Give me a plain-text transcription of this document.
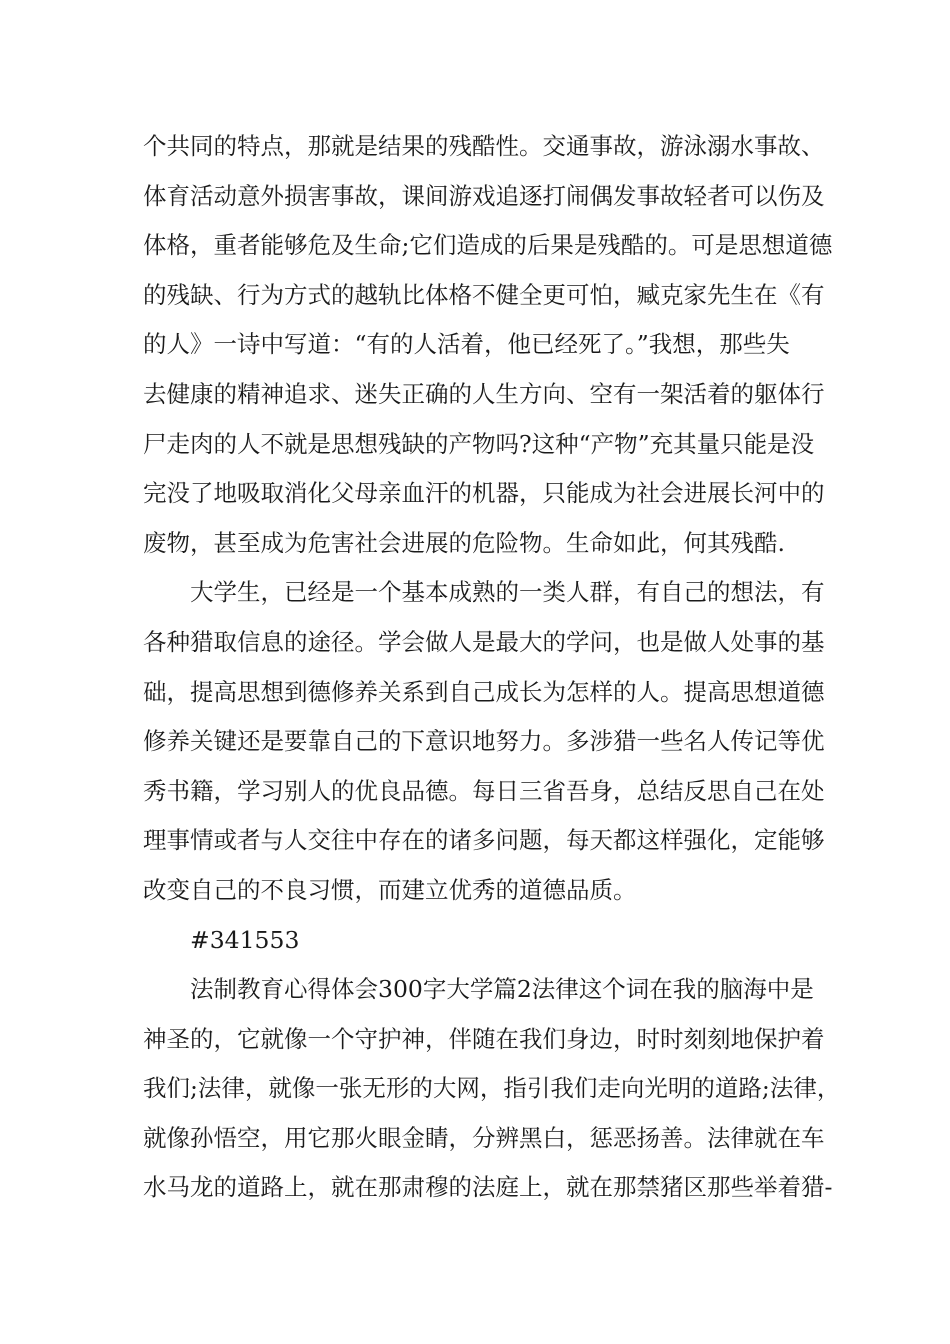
个共同的特点，那就是结果的残酷性。交通事故，游泳溺水事故、
体育活动意外损害事故，课间游戏追逐打闹偶发事故轻者可以伤及
体格，重者能够危及生命;它们造成的后果是残酷的。可是思想道德
的残缺、行为方式的越轨比体格不健全更可怕，臧克家先生在《有
的人》一诗中写道：“有的人活着，他已经死了。”我想，那些失
去健康的精神追求、迷失正确的人生方向、空有一架活着的躯体行
尸走肉的人不就是思想残缺的产物吗?这种“产物”充其量只能是没
完没了地吸取消化父母亲血汗的机器，只能成为社会进展长河中的
废物，甚至成为危害社会进展的危险物。生命如此，何其残酷.
大学生，已经是一个基本成熟的一类人群，有自己的想法，有
各种猎取信息的途径。学会做人是最大的学问，也是做人处事的基
础，提高思想到德修养关系到自己成长为怎样的人。提高思想道德
修养关键还是要靠自己的下意识地努力。多涉猎一些名人传记等优
秀书籍，学习别人的优良品德。每日三省吾身，总结反思自己在处
理事情或者与人交往中存在的诸多问题，每天都这样强化，定能够
改变自己的不良习惯，而建立优秀的道德品质。
#341553
法制教育心得体会300字大学篇2法律这个词在我的脑海中是
神圣的，它就像一个守护神，伴随在我们身边，时时刻刻地保护着
我们;法律，就像一张无形的大网，指引我们走向光明的道路;法律，
就像孙悟空，用它那火眼金睛，分辨黑白，惩恶扬善。法律就在车
水马龙的道路上，就在那肃穆的法庭上，就在那禁猪区那些举着猎-
